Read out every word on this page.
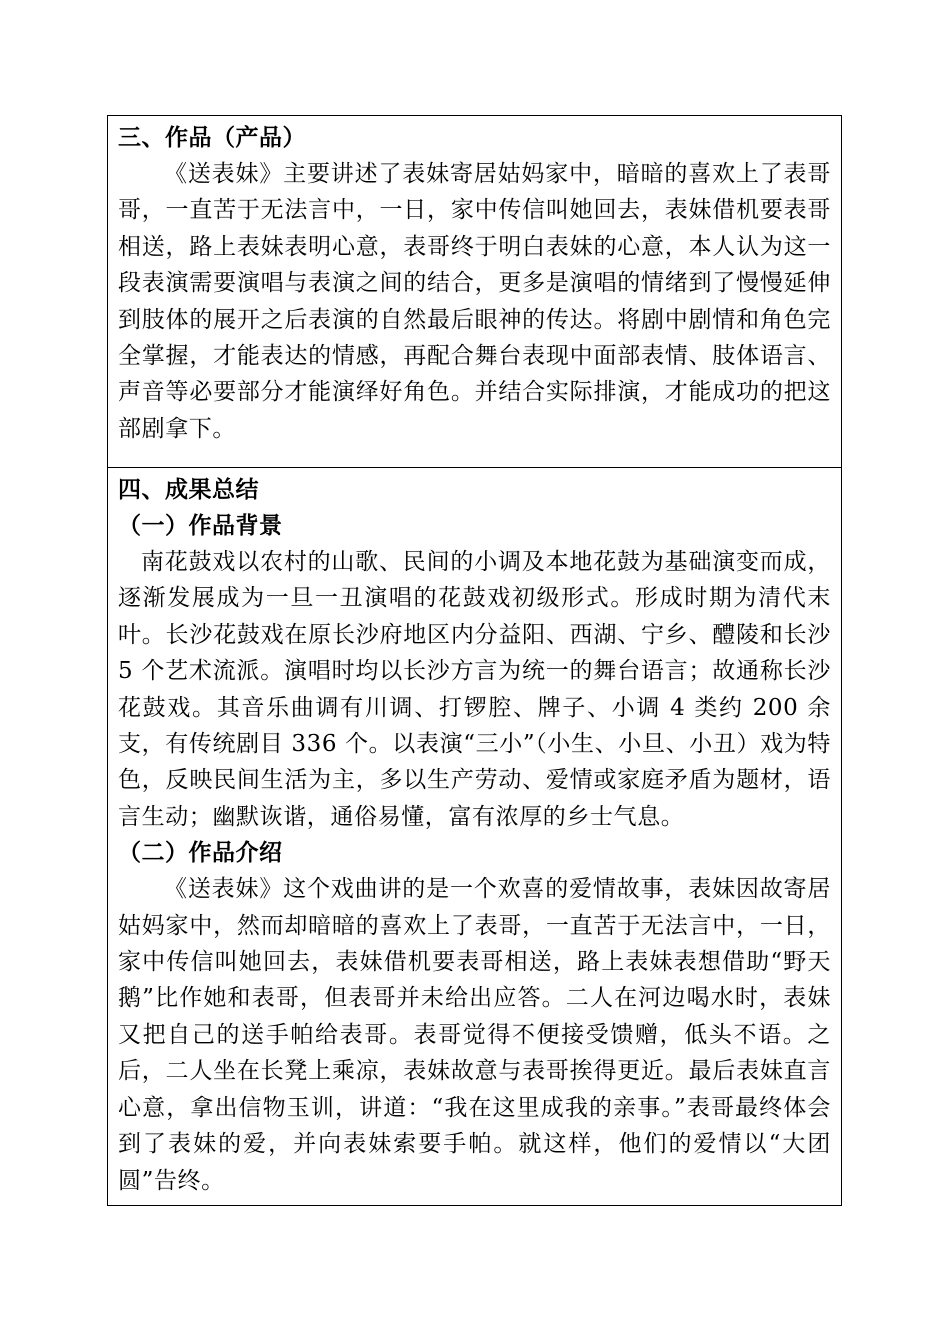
三、作品（产品）

《送表妹》主要讲述了表妹寄居姑妈家中，暗暗的喜欢上了表哥哥，一直苦于无法言中，一日，家中传信叫她回去，表妹借机要表哥相送，路上表妹表明心意，表哥终于明白表妹的心意，本人认为这一段表演需要演唱与表演之间的结合，更多是演唱的情绪到了慢慢延伸到肢体的展开之后表演的自然最后眼神的传达。将剧中剧情和角色完全掌握，才能表达的情感，再配合舞台表现中面部表情、肢体语言、声音等必要部分才能演绎好角色。并结合实际排演，才能成功的把这部剧拿下。

四、成果总结

（一）作品背景

南花鼓戏以农村的山歌、民间的小调及本地花鼓为基础演变而成，逐渐发展成为一旦一丑演唱的花鼓戏初级形式。形成时期为清代末叶。长沙花鼓戏在原长沙府地区内分益阳、西湖、宁乡、醴陵和长沙 5 个艺术流派。演唱时均以长沙方言为统一的舞台语言；故通称长沙花鼓戏。其音乐曲调有川调、打锣腔、牌子、小调 4 类约 200 余支，有传统剧目 336 个。以表演“三小”（小生、小旦、小丑）戏为特色，反映民间生活为主，多以生产劳动、爱情或家庭矛盾为题材，语言生动；幽默诙谐，通俗易懂，富有浓厚的乡士气息。

（二）作品介绍

《送表妹》这个戏曲讲的是一个欢喜的爱情故事，表妹因故寄居姑妈家中，然而却暗暗的喜欢上了表哥，一直苦于无法言中，一日，家中传信叫她回去，表妹借机要表哥相送，路上表妹表想借助“野天鹅”比作她和表哥，但表哥并未给出应答。二人在河边喝水时，表妹又把自己的送手帕给表哥。表哥觉得不便接受馈赠，低头不语。之后，二人坐在长凳上乘凉，表妹故意与表哥挨得更近。最后表妹直言心意，拿出信物玉训，讲道：“我在这里成我的亲事。”表哥最终体会到了表妹的爱，并向表妹索要手帕。就这样，他们的爱情以“大团圆”告终。
